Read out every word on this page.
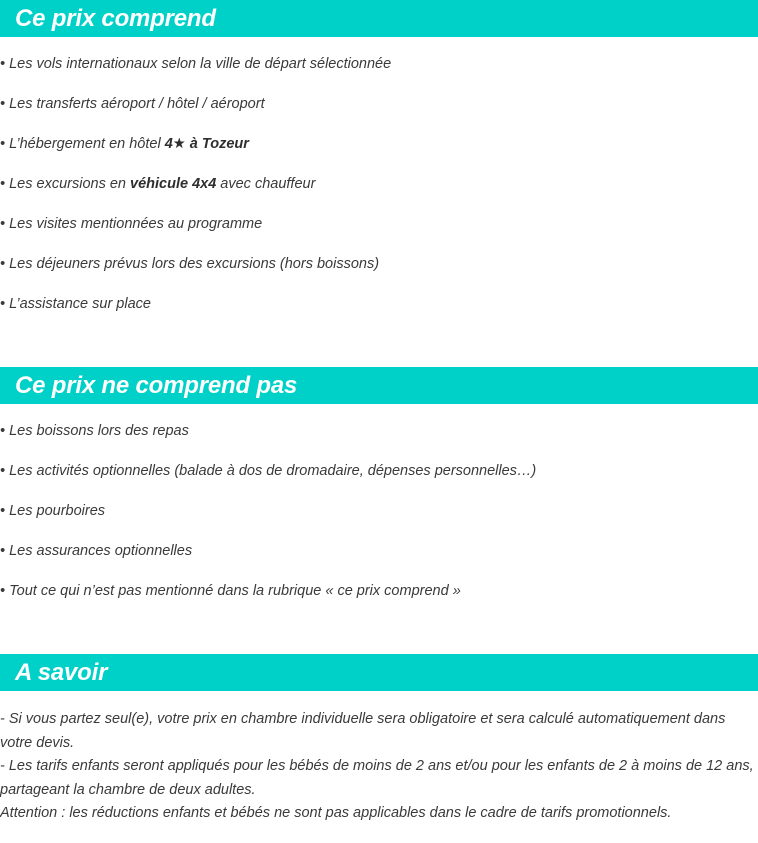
Ce prix comprend
• Les vols internationaux selon la ville de départ sélectionnée
• Les transferts aéroport / hôtel / aéroport
• L’hébergement en hôtel 4★ à Tozeur
• Les excursions en véhicule 4x4 avec chauffeur
• Les visites mentionnées au programme
• Les déjeuners prévus lors des excursions (hors boissons)
• L’assistance sur place
Ce prix ne comprend pas
• Les boissons lors des repas
• Les activités optionnelles (balade à dos de dromadaire, dépenses personnelles…)
• Les pourboires
• Les assurances optionnelles
• Tout ce qui n’est pas mentionné dans la rubrique « ce prix comprend »
A savoir

- Si vous partez seul(e), votre prix en chambre individuelle sera obligatoire et sera calculé automatiquement dans votre devis.

- Les tarifs enfants seront appliqués pour les bébés de moins de 2 ans et/ou pour les enfants de 2 à moins de 12 ans, partageant la chambre de deux adultes.

Attention : les réductions enfants et bébés ne sont pas applicables dans le cadre de tarifs promotionnels.
